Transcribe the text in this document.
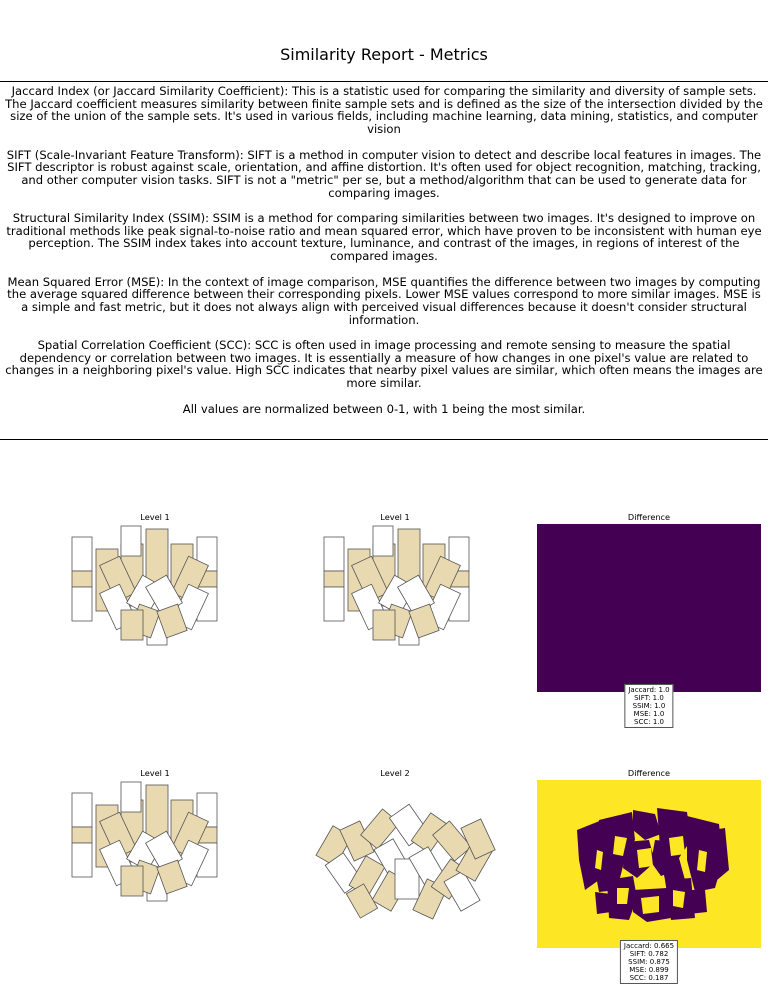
Similarity Report - Metrics

Jaccard Index (or Jaccard Similarity Coefficient): This is a statistic used for comparing the similarity and diversity of sample sets. The Jaccard coefficient measures similarity between finite sample sets and is defined as the size of the intersection divided by the size of the union of the sample sets. It's used in various fields, including machine learning, data mining, statistics, and computer vision

SIFT (Scale-Invariant Feature Transform): SIFT is a method in computer vision to detect and describe local features in images. The SIFT descriptor is robust against scale, orientation, and affine distortion. It's often used for object recognition, matching, tracking, and other computer vision tasks. SIFT is not a "metric" per se, but a method/algorithm that can be used to generate data for comparing images.

Structural Similarity Index (SSIM): SSIM is a method for comparing similarities between two images. It's designed to improve on traditional methods like peak signal-to-noise ratio and mean squared error, which have proven to be inconsistent with human eye perception. The SSIM index takes into account texture, luminance, and contrast of the images, in regions of interest of the compared images.

Mean Squared Error (MSE): In the context of image comparison, MSE quantifies the difference between two images by computing the average squared difference between their corresponding pixels. Lower MSE values correspond to more similar images. MSE is a simple and fast metric, but it does not always align with perceived visual differences because it doesn't consider structural information.

Spatial Correlation Coefficient (SCC): SCC is often used in image processing and remote sensing to measure the spatial dependency or correlation between two images. It is essentially a measure of how changes in one pixel's value are related to changes in a neighboring pixel's value. High SCC indicates that nearby pixel values are similar, which often means the images are more similar.

All values are normalized between 0-1, with 1 being the most similar.

Level 1	Level 1	Difference
Jaccard: 1.0
SIFT: 1.0
SSIM: 1.0
MSE: 1.0
SCC: 1.0
Level 1	Level 2	Difference
Jaccard: 0.665
SIFT: 0.782
SSIM: 0.875
MSE: 0.899
SCC: 0.187
